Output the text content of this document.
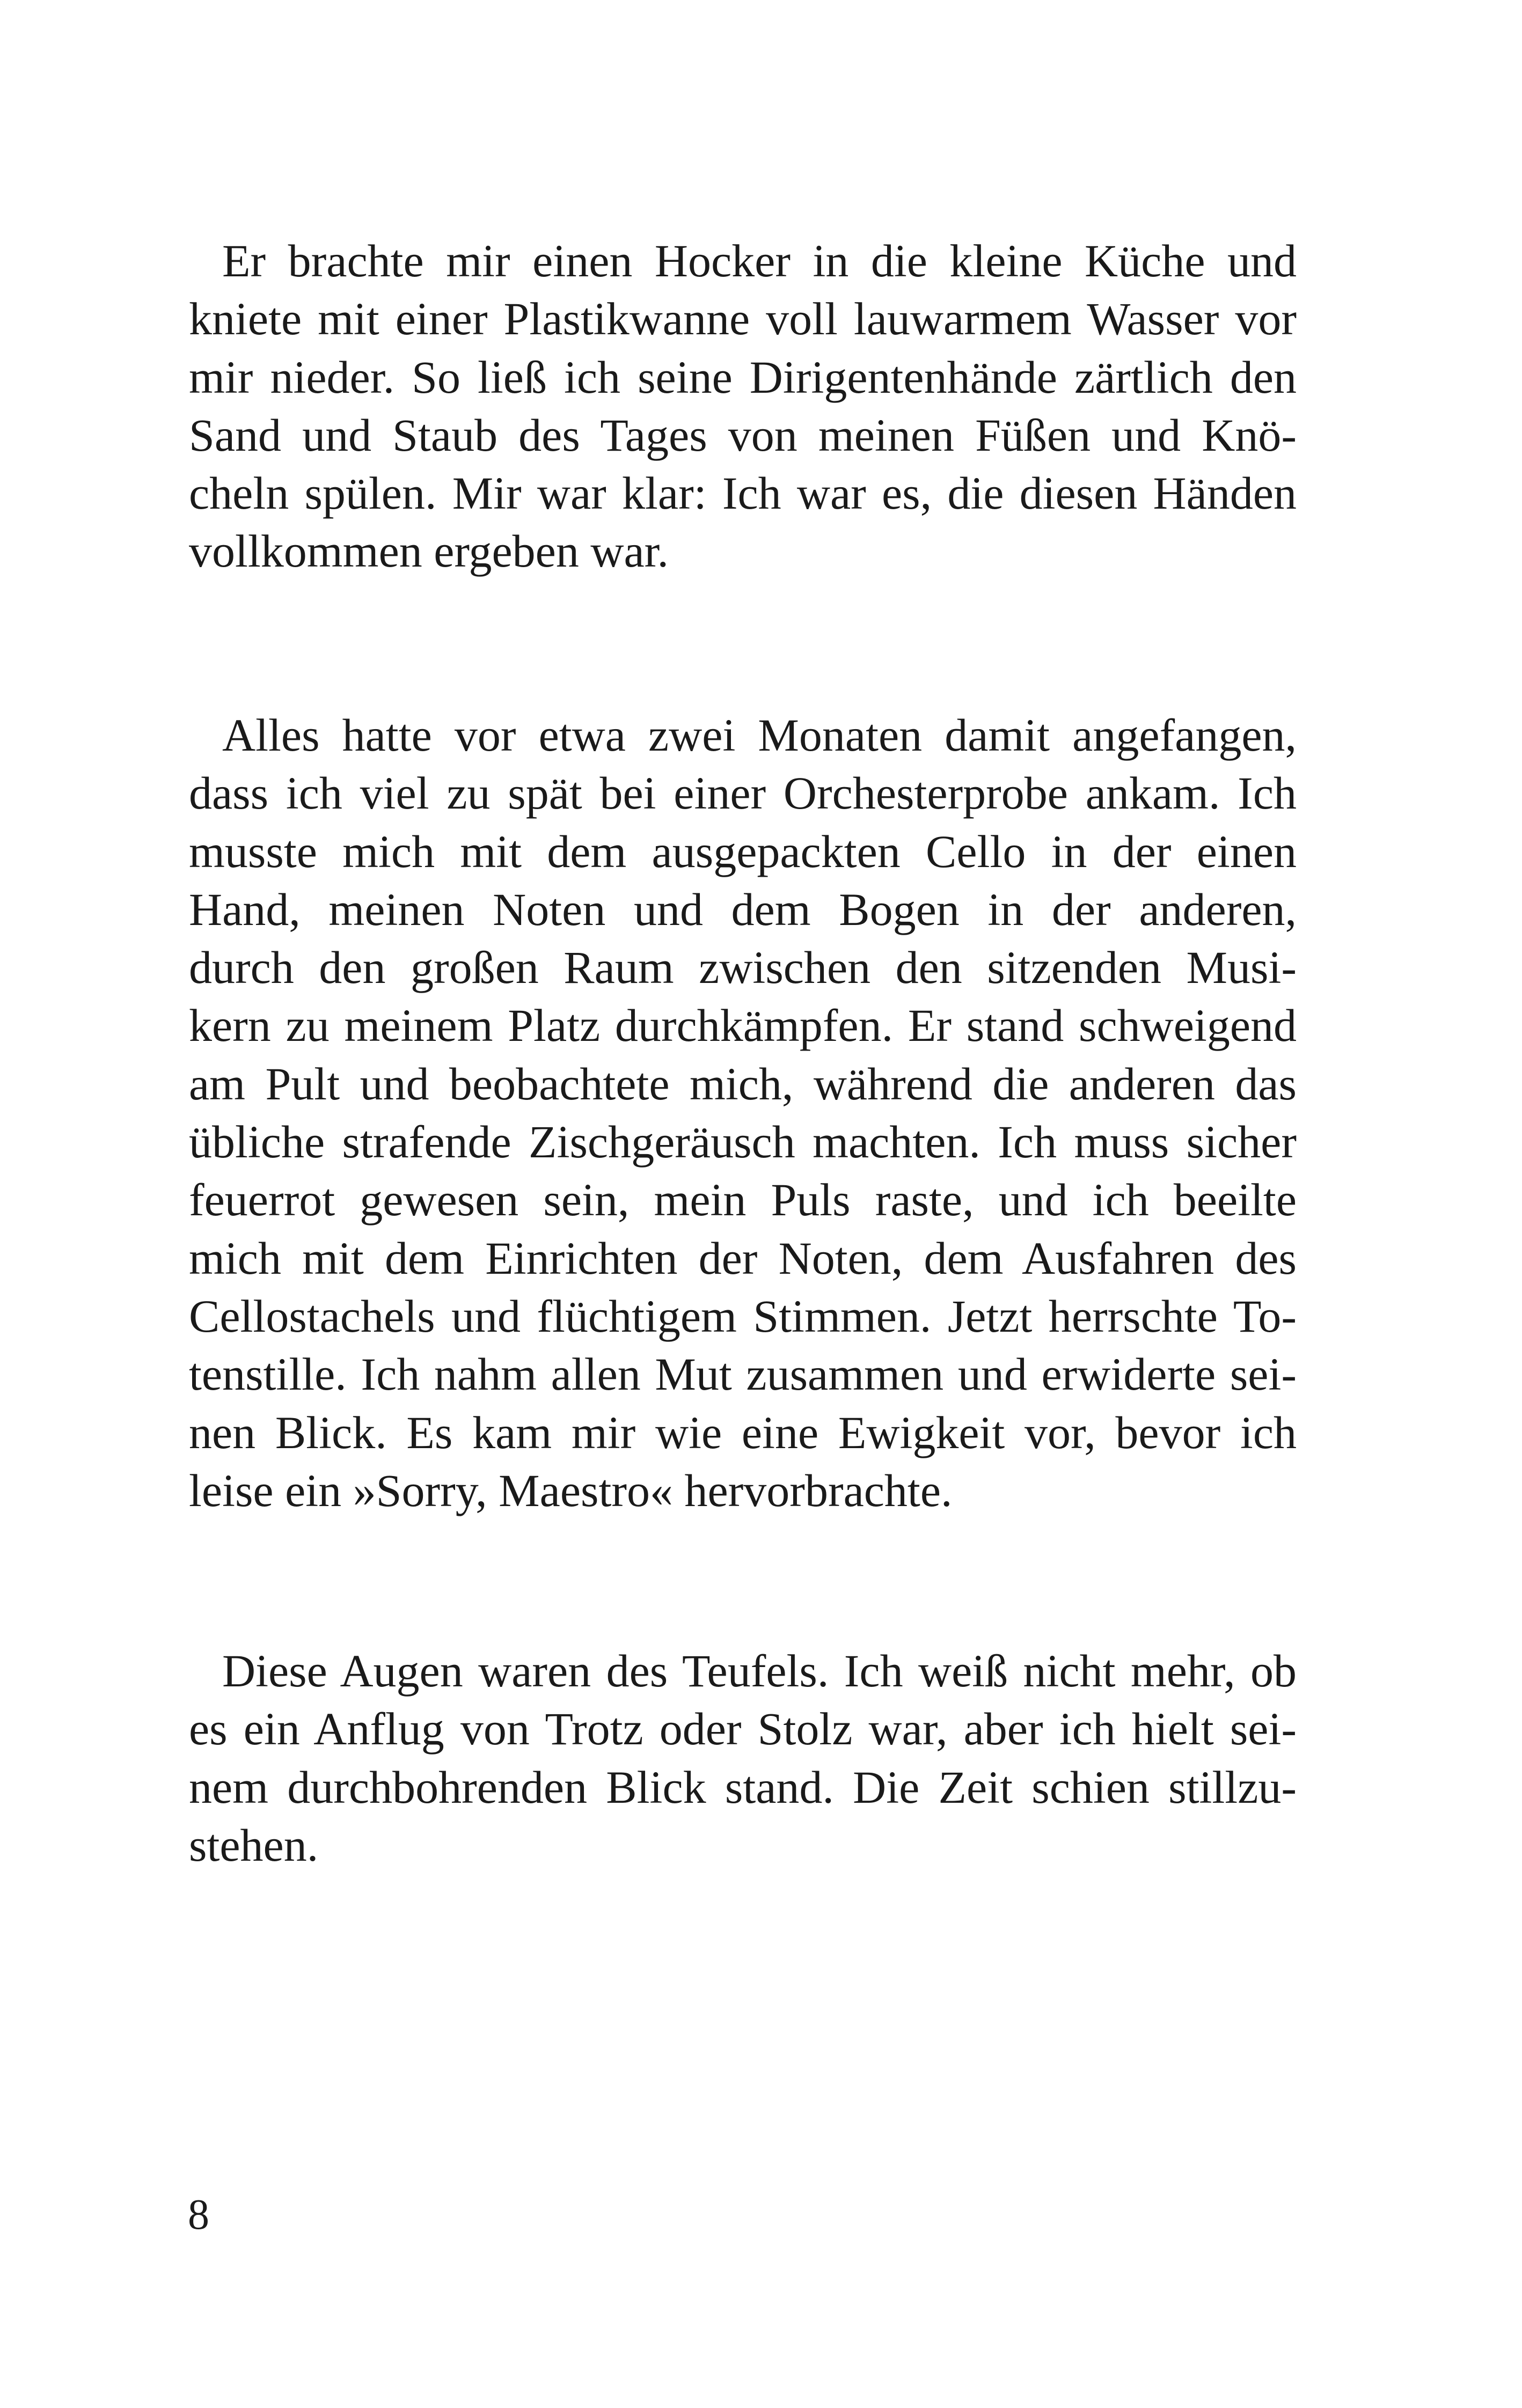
Er brachte mir einen Hocker in die kleine Küche und
kniete mit einer Plastikwanne voll lauwarmem Wasser vor
mir nieder. So ließ ich seine Dirigentenhände zärtlich den
Sand und Staub des Tages von meinen Füßen und Knö-
cheln spülen. Mir war klar: Ich war es, die diesen Händen
vollkommen ergeben war.
Alles hatte vor etwa zwei Monaten damit angefangen,
dass ich viel zu spät bei einer Orchesterprobe ankam. Ich
musste mich mit dem ausgepackten Cello in der einen
Hand, meinen Noten und dem Bogen in der anderen,
durch den großen Raum zwischen den sitzenden Musi-
kern zu meinem Platz durchkämpfen. Er stand schweigend
am Pult und beobachtete mich, während die anderen das
übliche strafende Zischgeräusch machten. Ich muss sicher
feuerrot gewesen sein, mein Puls raste, und ich beeilte
mich mit dem Einrichten der Noten, dem Ausfahren des
Cellostachels und flüchtigem Stimmen. Jetzt herrschte To-
tenstille. Ich nahm allen Mut zusammen und erwiderte sei-
nen Blick. Es kam mir wie eine Ewigkeit vor, bevor ich
leise ein »Sorry, Maestro« hervorbrachte.
Diese Augen waren des Teufels. Ich weiß nicht mehr, ob
es ein Anflug von Trotz oder Stolz war, aber ich hielt sei-
nem durchbohrenden Blick stand. Die Zeit schien stillzu-
stehen.
8
